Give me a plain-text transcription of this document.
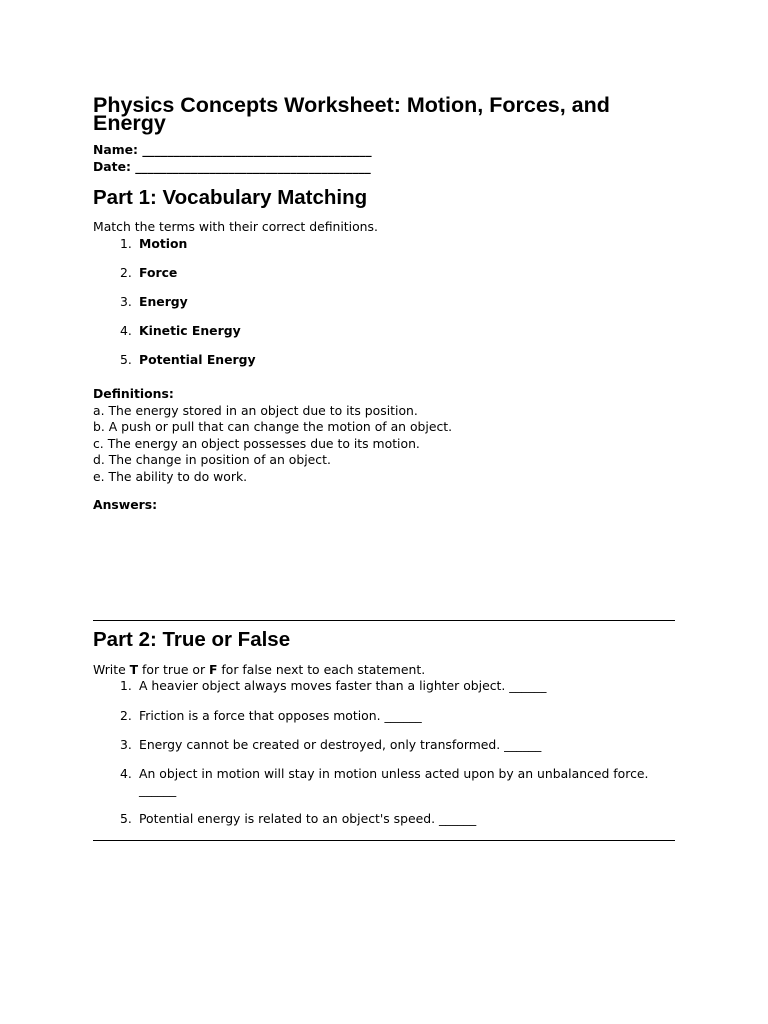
Physics Concepts Worksheet: Motion, Forces, and Energy
Name: _____________________________________
Date: ______________________________________
Part 1: Vocabulary Matching
Match the terms with their correct definitions.
1. Motion
2. Force
3. Energy
4. Kinetic Energy
5. Potential Energy
Definitions:
a. The energy stored in an object due to its position.
b. A push or pull that can change the motion of an object.
c. The energy an object possesses due to its motion.
d. The change in position of an object.
e. The ability to do work.
Answers:
Part 2: True or False
Write T for true or F for false next to each statement.
1. A heavier object always moves faster than a lighter object. ______
2. Friction is a force that opposes motion. ______
3. Energy cannot be created or destroyed, only transformed. ______
4. An object in motion will stay in motion unless acted upon by an unbalanced force. ______
5. Potential energy is related to an object's speed. ______
